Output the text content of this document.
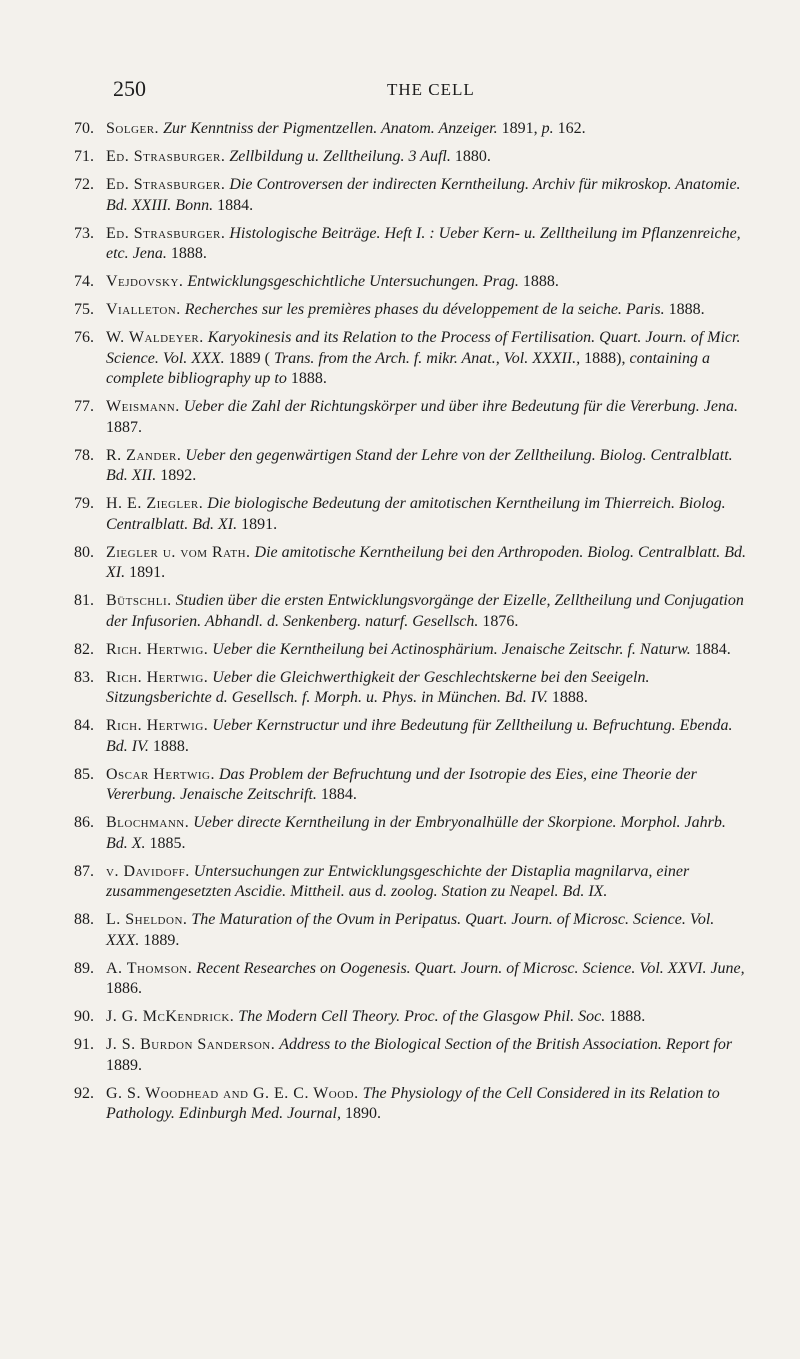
250	THE CELL
70. Solger. Zur Kenntniss der Pigmentzellen. Anatom. Anzeiger. 1891, p. 162.
71. Ed. Strasburger. Zellbildung u. Zelltheilung. 3 Aufl. 1880.
72. Ed. Strasburger. Die Controversen der indirecten Kerntheilung. Archiv für mikroskop. Anatomie. Bd. XXIII. Bonn. 1884.
73. Ed. Strasburger. Histologische Beiträge. Heft I. : Ueber Kern- u. Zelltheilung im Pflanzenreiche, etc. Jena. 1888.
74. Vejdovsky. Entwicklungsgeschichtliche Untersuchungen. Prag. 1888.
75. Vialleton. Recherches sur les premières phases du développement de la seiche. Paris. 1888.
76. W. Waldeyer. Karyokinesis and its Relation to the Process of Fertilisation. Quart. Journ. of Micr. Science. Vol. XXX. 1889 ( Trans. from the Arch. f. mikr. Anat., Vol. XXXII., 1888), containing a complete bibliography up to 1888.
77. Weismann. Ueber die Zahl der Richtungskörper und über ihre Bedeutung für die Vererbung. Jena. 1887.
78. R. Zander. Ueber den gegenwärtigen Stand der Lehre von der Zelltheilung. Biolog. Centralblatt. Bd. XII. 1892.
79. H. E. Ziegler. Die biologische Bedeutung der amitotischen Kerntheilung im Thierreich. Biolog. Centralblatt. Bd. XI. 1891.
80. Ziegler u. vom Rath. Die amitotische Kerntheilung bei den Arthropoden. Biolog. Centralblatt. Bd. XI. 1891.
81. Bütschli. Studien über die ersten Entwicklungsvorgänge der Eizelle, Zelltheilung und Conjugation der Infusorien. Abhandl. d. Senkenberg. naturf. Gesellsch. 1876.
82. Rich. Hertwig. Ueber die Kerntheilung bei Actinosphärium. Jenaische Zeitschr. f. Naturw. 1884.
83. Rich. Hertwig. Ueber die Gleichwerthigkeit der Geschlechtskerne bei den Seeigeln. Sitzungsberichte d. Gesellsch. f. Morph. u. Phys. in München. Bd. IV. 1888.
84. Rich. Hertwig. Ueber Kernstructur und ihre Bedeutung für Zelltheilung u. Befruchtung. Ebenda. Bd. IV. 1888.
85. Oscar Hertwig. Das Problem der Befruchtung und der Isotropie des Eies, eine Theorie der Vererbung. Jenaische Zeitschrift. 1884.
86. Blochmann. Ueber directe Kerntheilung in der Embryonalhülle der Skorpione. Morphol. Jahrb. Bd. X. 1885.
87. v. Davidoff. Untersuchungen zur Entwicklungsgeschichte der Distaplia magnilarva, einer zusammengesetzten Ascidie. Mittheil. aus d. zoolog. Station zu Neapel. Bd. IX.
88. L. Sheldon. The Maturation of the Ovum in Peripatus. Quart. Journ. of Microsc. Science. Vol. XXX. 1889.
89. A. Thomson. Recent Researches on Oogenesis. Quart. Journ. of Microsc. Science. Vol. XXVI. June, 1886.
90. J. G. McKendrick. The Modern Cell Theory. Proc. of the Glasgow Phil. Soc. 1888.
91. J. S. Burdon Sanderson. Address to the Biological Section of the British Association. Report for 1889.
92. G. S. Woodhead and G. E. C. Wood. The Physiology of the Cell Considered in its Relation to Pathology. Edinburgh Med. Journal, 1890.
